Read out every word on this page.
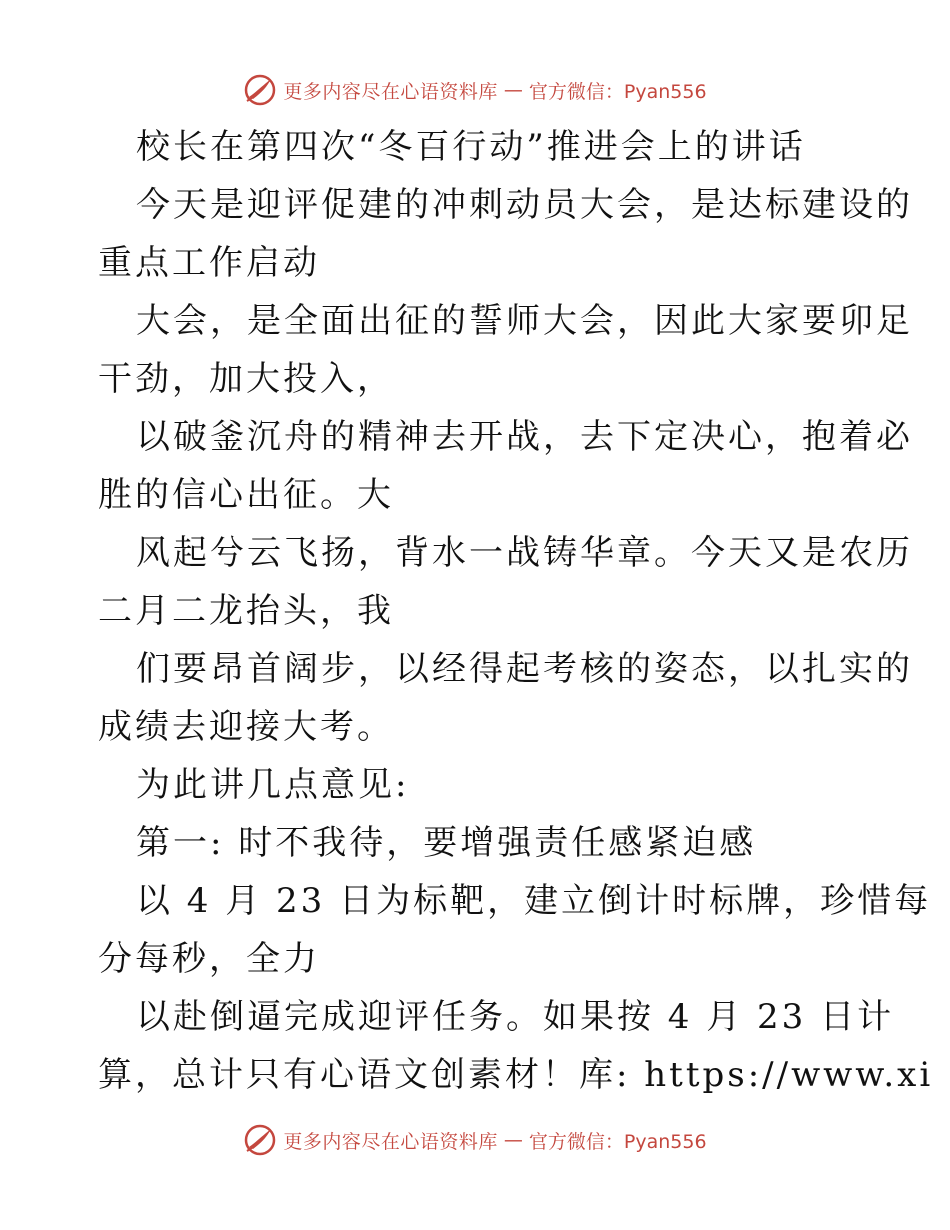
更多内容尽在心语资料库 — 官方微信：Pyan556
校长在第四次“冬百行动”推进会上的讲话
今天是迎评促建的冲刺动员大会，是达标建设的
重点工作启动
大会，是全面出征的誓师大会，因此大家要卯足
干劲，加大投入，
以破釜沉舟的精神去开战，去下定决心，抱着必
胜的信心出征。大
风起兮云飞扬，背水一战铸华章。今天又是农历
二月二龙抬头，我
们要昂首阔步，以经得起考核的姿态，以扎实的
成绩去迎接大考。
为此讲几点意见:
第一: 时不我待，要增强责任感紧迫感
以 4 月 23 日为标靶，建立倒计时标牌，珍惜每
分每秒，全力
以赴倒逼完成迎评任务。如果按 4 月 23 日计
算，总计只有心语文创素材！库: https://www.xi
更多内容尽在心语资料库 — 官方微信：Pyan556
